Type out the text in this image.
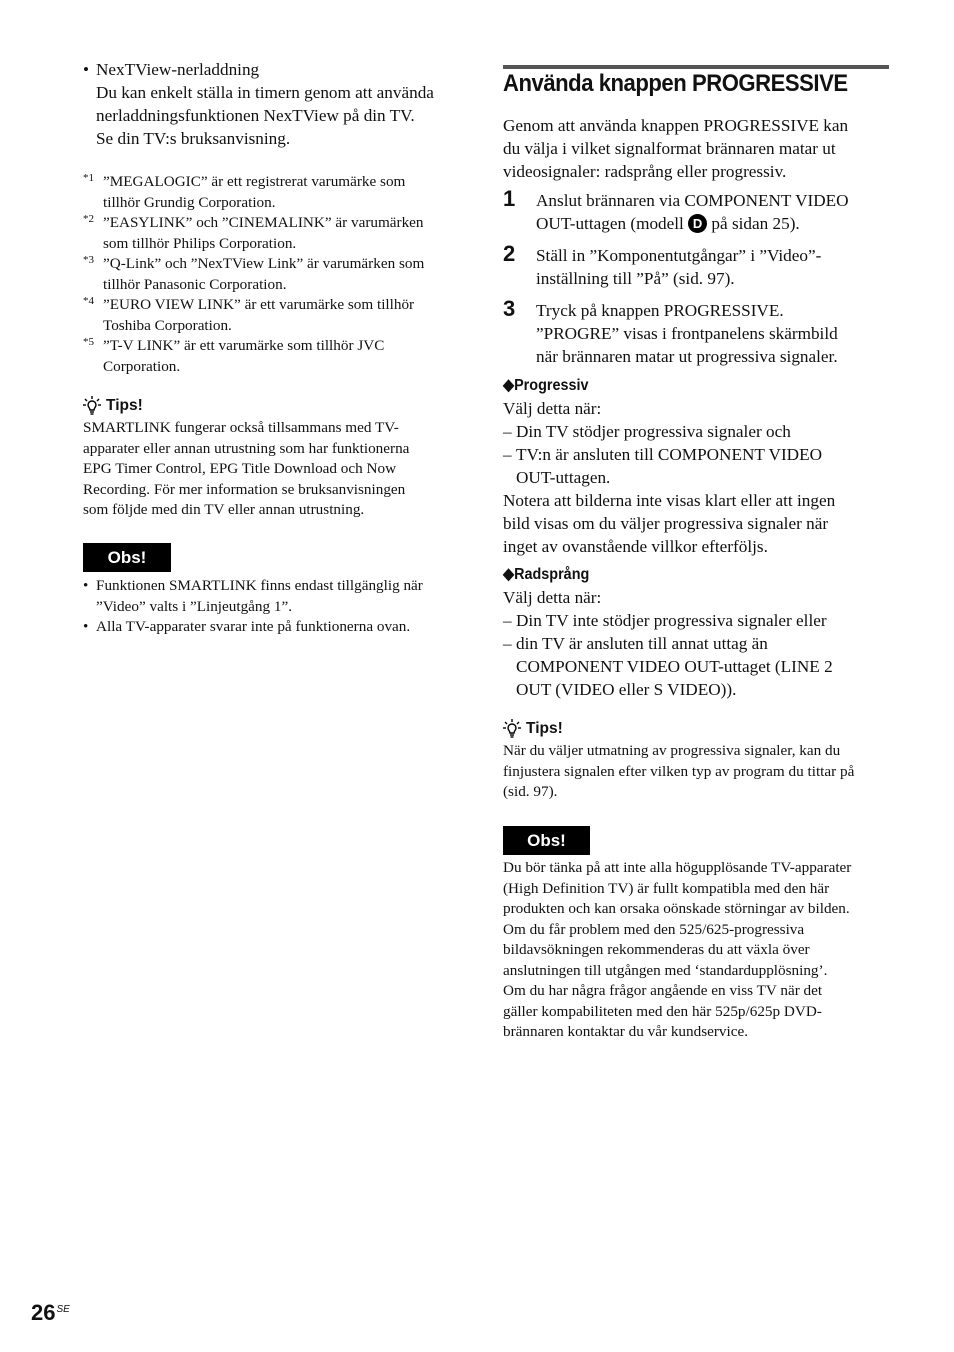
• NexTView-nerladdning
Du kan enkelt ställa in timern genom att använda
nerladdningsfunktionen NexTView på din TV.
Se din TV:s bruksanvisning.
*1 ”MEGALOGIC” är ett registrerat varumärke som
tillhör Grundig Corporation.
*2 ”EASYLINK” och ”CINEMALINK” är varumärken
som tillhör Philips Corporation.
*3 ”Q-Link” och ”NexTView Link” är varumärken som
tillhör Panasonic Corporation.
*4 ”EURO VIEW LINK” är ett varumärke som tillhör
Toshiba Corporation.
*5 ”T-V LINK” är ett varumärke som tillhör JVC
Corporation.
Tips!
SMARTLINK fungerar också tillsammans med TV-
apparater eller annan utrustning som har funktionerna
EPG Timer Control, EPG Title Download och Now
Recording. För mer information se bruksanvisningen
som följde med din TV eller annan utrustning.
Obs!
• Funktionen SMARTLINK finns endast tillgänglig när
”Video” valts i ”Linjeutgång 1”.
• Alla TV-apparater svarar inte på funktionerna ovan.
Använda knappen PROGRESSIVE
Genom att använda knappen PROGRESSIVE kan
du välja i vilket signalformat brännaren matar ut
videosignaler: radsprång eller progressiv.
1 Anslut brännaren via COMPONENT VIDEO
OUT-uttagen (modell D på sidan 25).
2 Ställ in ”Komponentutgångar” i ”Video”-
inställning till ”På” (sid. 97).
3 Tryck på knappen PROGRESSIVE.
”PROGRE” visas i frontpanelens skärmbild
när brännaren matar ut progressiva signaler.
◆Progressiv
Välj detta när:
– Din TV stödjer progressiva signaler och
– TV:n är ansluten till COMPONENT VIDEO
OUT-uttagen.
Notera att bilderna inte visas klart eller att ingen
bild visas om du väljer progressiva signaler när
inget av ovanstående villkor efterföljs.
◆Radsprång
Välj detta när:
– Din TV inte stödjer progressiva signaler eller
– din TV är ansluten till annat uttag än
COMPONENT VIDEO OUT-uttaget (LINE 2
OUT (VIDEO eller S VIDEO)).
Tips!
När du väljer utmatning av progressiva signaler, kan du
finjustera signalen efter vilken typ av program du tittar på
(sid. 97).
Obs!
Du bör tänka på att inte alla högupplösande TV-apparater
(High Definition TV) är fullt kompatibla med den här
produkten och kan orsaka oönskade störningar av bilden.
Om du får problem med den 525/625-progressiva
bildavsökningen rekommenderas du att växla över
anslutningen till utgången med ‘standardupplösning’.
Om du har några frågor angående en viss TV när det
gäller kompabiliteten med den här 525p/625p DVD-
brännaren kontaktar du vår kundservice.
$26^{SE}$
